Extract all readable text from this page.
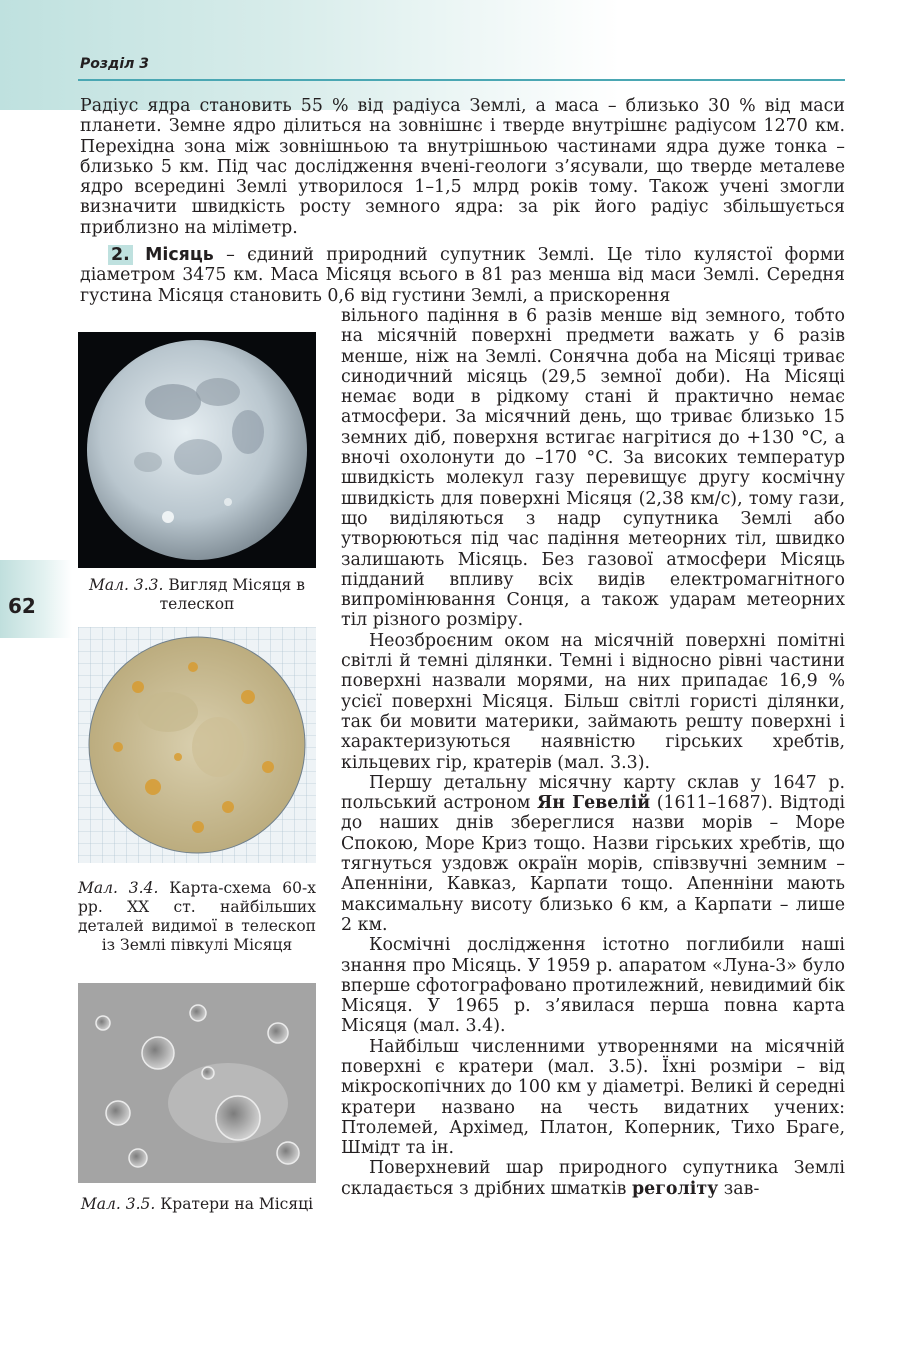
Розділ 3
62

Радіус ядра становить 55 % від радіуса Землі, а маса – близько 30 % від маси планети. Земне ядро ділиться на зовнішнє і тверде внутрішнє радіусом 1270 км. Перехідна зона між зовнішньою та внутрішньою частинами ядра дуже тонка – близько 5 км. Під час дослідження вчені-геологи з’ясували, що тверде металеве ядро всередині Землі утворилося 1–1,5 млрд років тому. Також учені змогли визначити швидкість росту земного ядра: за рік його радіус збільшується приблизно на міліметр.

2. Місяць – єдиний природний супутник Землі. Це тіло кулястої форми діаметром 3475 км. Маса Місяця всього в 81 раз менша від маси Землі. Середня густина Місяця становить 0,6 від густини Землі, а прискорення

вільного падіння в 6 разів менше від земного, тобто на місячній поверхні предмети важать у 6 разів менше, ніж на Землі. Сонячна доба на Місяці триває синодичний місяць (29,5 земної доби). На Місяці немає води в рідкому стані й практично немає атмосфери. За місячний день, що триває близько 15 земних діб, поверхня встигає нагрітися до +130 °C, а вночі охолонути до –170 °C. За високих температур швидкість молекул газу перевищує другу космічну швидкість для поверхні Місяця (2,38 км/с), тому гази, що виділяються з надр супутника Землі або утворюються під час падіння метеорних тіл, швидко залишають Місяць. Без газової атмосфери Місяць підданий впливу всіх видів електромагнітного випромінювання Сонця, а також ударам метеорних тіл різного розміру.

Неозброєним оком на місячній поверхні помітні світлі й темні ділянки. Темні і відносно рівні частини поверхні назвали морями, на них припадає 16,9 % усієї поверхні Місяця. Більш світлі гористі ділянки, так би мовити материки, займають решту поверхні і характеризуються наявністю гірських хребтів, кільцевих гір, кратерів (мал. 3.3).

Першу детальну місячну карту склав у 1647 р. польський астроном Ян Гевелій (1611–1687). Відтоді до наших днів збереглися назви морів – Море Спокою, Море Криз тощо. Назви гірських хребтів, що тягнуться уздовж окраїн морів, співзвучні земним – Апенніни, Кавказ, Карпати тощо. Апенніни мають максимальну висоту близько 6 км, а Карпати – лише 2 км.

Космічні дослідження істотно поглибили наші знання про Місяць. У 1959 р. апаратом «Луна-3» було вперше сфотографовано протилежний, невидимий бік Місяця. У 1965 р. з’явилася перша повна карта Місяця (мал. 3.4).

Найбільш численними утвореннями на місячній поверхні є кратери (мал. 3.5). Їхні розміри – від мікроскопічних до 100 км у діаметрі. Великі й середні кратери названо на честь видатних учених: Птолемей, Архімед, Платон, Коперник, Тихо Браге, Шмідт та ін.

Поверхневий шар природного супутника Землі складається з дрібних шматків реголіту зав-

Мал. 3.3. Вигляд Місяця в телескоп
Мал. 3.4. Карта-схема 60-х рр. XX ст. найбільших деталей видимої в телескоп із Землі півкулі Місяця
Мал. 3.5. Кратери на Місяці
